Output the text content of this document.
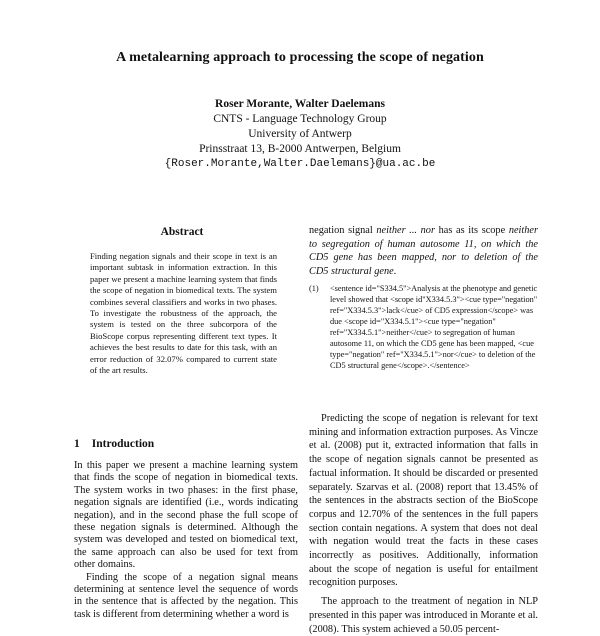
A metalearning approach to processing the scope of negation
Roser Morante, Walter Daelemans
CNTS - Language Technology Group
University of Antwerp
Prinsstraat 13, B-2000 Antwerpen, Belgium
{Roser.Morante,Walter.Daelemans}@ua.ac.be
Abstract
Finding negation signals and their scope in text is an important subtask in information extraction. In this paper we present a machine learning system that finds the scope of negation in biomedical texts. The system combines several classifiers and works in two phases. To investigate the robustness of the approach, the system is tested on the three subcorpora of the BioScope corpus representing different text types. It achieves the best results to date for this task, with an error reduction of 32.07% compared to current state of the art results.
1 Introduction

In this paper we present a machine learning system that finds the scope of negation in biomedical texts. The system works in two phases: in the first phase, negation signals are identified (i.e., words indicating negation), and in the second phase the full scope of these negation signals is determined. Although the system was developed and tested on biomedical text, the same approach can also be used for text from other domains.

Finding the scope of a negation signal means determining at sentence level the sequence of words in the sentence that is affected by the negation. This task is different from determining whether a word is

negation signal neither ... nor has as its scope neither to segregation of human autosome 11, on which the CD5 gene has been mapped, nor to deletion of the CD5 structural gene.

(1)	<sentence id="S334.5">Analysis at the phenotype and genetic level showed that <scope id"X334.5.3"><cue type="negation" ref="X334.5.3">lack</cue> of CD5 expression</scope> was due <scope id="X334.5.1"><cue type="negation" ref="X334.5.1">neither</cue> to segregation of human autosome 11, on which the CD5 gene has been mapped, <cue type="negation" ref="X334.5.1">nor</cue> to deletion of the CD5 structural gene</scope>.</sentence>

Predicting the scope of negation is relevant for text mining and information extraction purposes. As Vincze et al. (2008) put it, extracted information that falls in the scope of negation signals cannot be presented as factual information. It should be discarded or presented separately. Szarvas et al. (2008) report that 13.45% of the sentences in the abstracts section of the BioScope corpus and 12.70% of the sentences in the full papers section contain negations. A system that does not deal with negation would treat the facts in these cases incorrectly as positives. Additionally, information about the scope of negation is useful for entailment recognition purposes.

The approach to the treatment of negation in NLP presented in this paper was introduced in Morante et al. (2008). This system achieved a 50.05 percent-
